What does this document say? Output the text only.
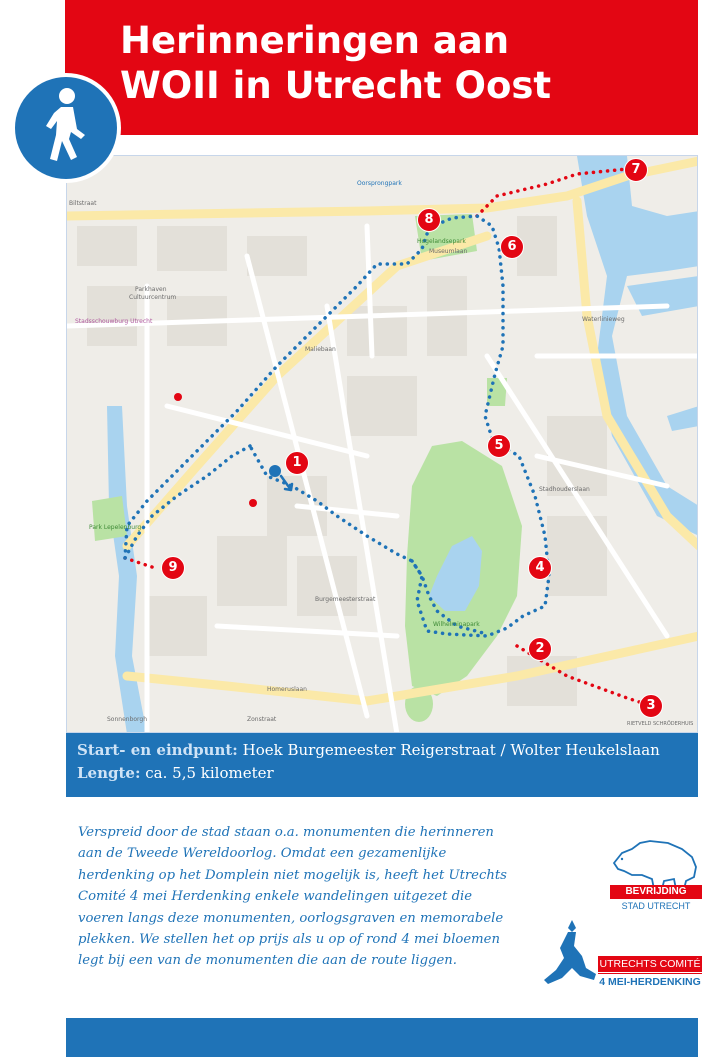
Herinneringen aan
WOII in Utrecht Oost
1
2
3
4
5
6
7
8
9
Biltstraat
Oorsprongpark
Hogelandsepark
Museumlaan
Maliebaan
Parkhaven
Cultuurcentrum
Stadsschouwburg Utrecht
Park Lepelenburg
Wilhelminapark
Burgemeesterstraat
Homeruslaan
Zonstraat
Sonnenborgh
RIETVELD SCHRÖDERHUIS
Waterlinieweg
Stadhouderslaan
Start- en eindpunt: Hoek Burgemeester Reigerstraat / Wolter Heukelslaan
Lengte: ca. 5,5 kilometer
Verspreid door de stad staan o.a. monumenten die herinneren
aan de Tweede Wereldoorlog. Omdat een gezamenlijke
herdenking op het Domplein niet mogelijk is, heeft het Utrechts
Comité 4 mei Herdenking enkele wandelingen uitgezet die
voeren langs deze monumenten, oorlogsgraven en memorabele
plekken. We stellen het op prijs als u op of rond 4 mei bloemen
legt bij een van de monumenten die aan de route liggen.
BEVRIJDING
STAD UTRECHT
UTRECHTS COMITÉ
4 MEI-HERDENKING
